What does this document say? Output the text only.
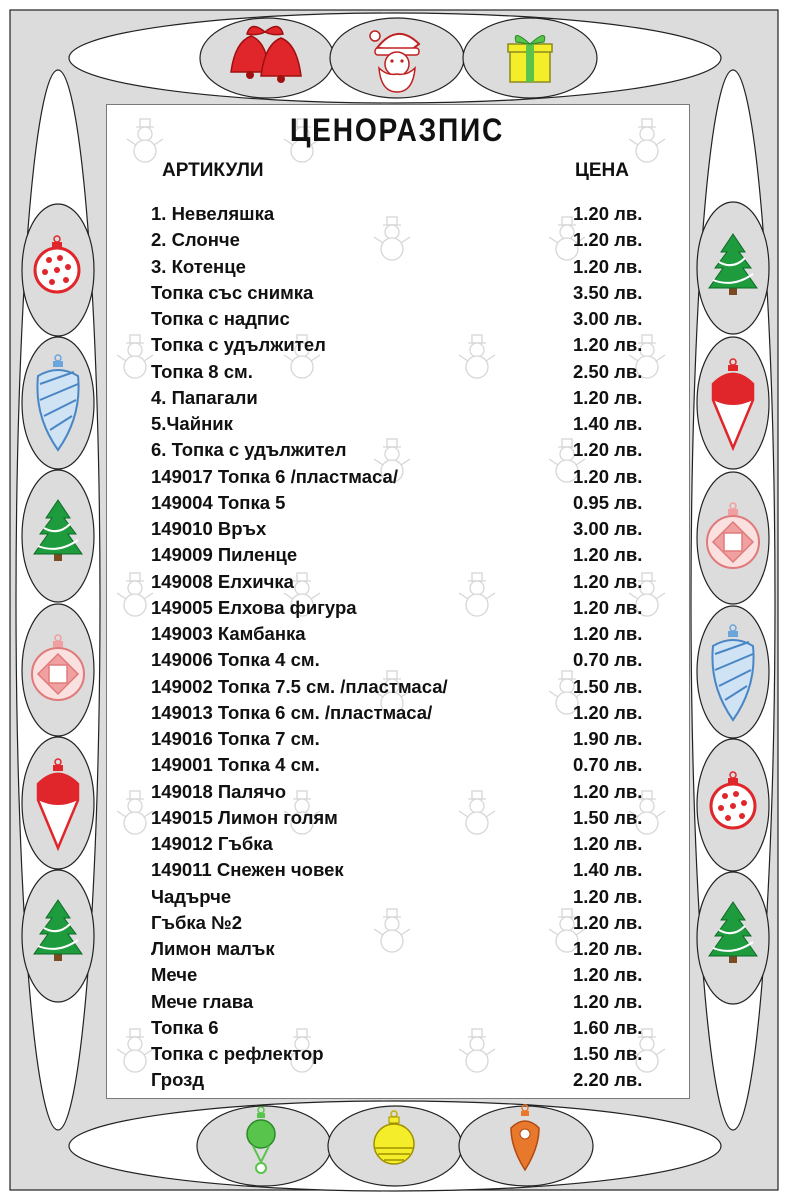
ЦЕНОРАЗПИС
АРТИКУЛИ	ЦЕНА
1. Невеляшка	1.20 лв.
2. Слонче	1.20 лв.
3. Котенце	1.20 лв.
Топка със снимка	3.50 лв.
Топка с надпис	3.00 лв.
Топка с удължител	1.20 лв.
Топка 8 см.	2.50 лв.
4. Папагали	1.20 лв.
5.Чайник	1.40 лв.
6. Топка с удължител	1.20 лв.
149017 Топка 6 /пластмаса/	1.20 лв.
149004 Топка 5	0.95 лв.
149010 Връх	3.00 лв.
149009 Пиленце	1.20 лв.
149008 Елхичка	1.20 лв.
149005 Елхова фигура	1.20 лв.
149003 Камбанка	1.20 лв.
149006 Топка 4 см.	0.70 лв.
149002 Топка 7.5 см. /пластмаса/	1.50 лв.
149013 Топка 6 см. /пластмаса/	1.20 лв.
149016 Топка 7 см.	1.90 лв.
149001 Топка 4 см.	0.70 лв.
149018 Палячо	1.20 лв.
149015 Лимон голям	1.50 лв.
149012 Гъбка	1.20 лв.
149011 Снежен човек	1.40 лв.
Чадърче	1.20 лв.
Гъбка №2	1.20 лв.
Лимон малък	1.20 лв.
Мече	1.20 лв.
Мече глава	1.20 лв.
Топка 6	1.60 лв.
Топка с рефлектор	1.50 лв.
Грозд	2.20 лв.
